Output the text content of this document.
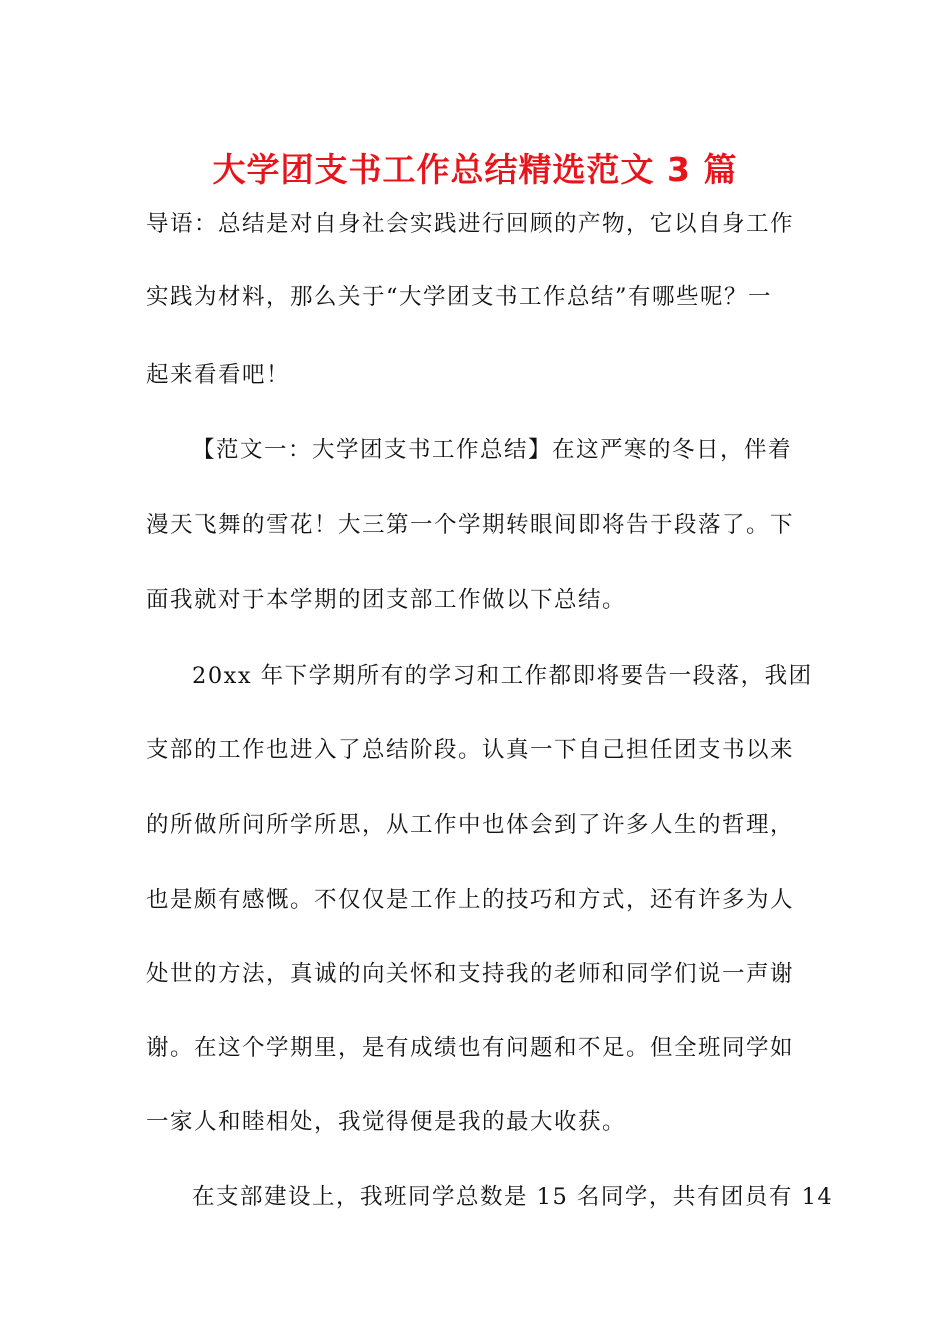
大学团支书工作总结精选范文 3 篇
导语：总结是对自身社会实践进行回顾的产物，它以自身工作
实践为材料，那么关于“大学团支书工作总结”有哪些呢？一
起来看看吧！
【范文一：大学团支书工作总结】在这严寒的冬日，伴着
漫天飞舞的雪花！大三第一个学期转眼间即将告于段落了。下
面我就对于本学期的团支部工作做以下总结。
20xx 年下学期所有的学习和工作都即将要告一段落，我团
支部的工作也进入了总结阶段。认真一下自己担任团支书以来
的所做所问所学所思，从工作中也体会到了许多人生的哲理，
也是颇有感慨。不仅仅是工作上的技巧和方式，还有许多为人
处世的方法，真诚的向关怀和支持我的老师和同学们说一声谢
谢。在这个学期里，是有成绩也有问题和不足。但全班同学如
一家人和睦相处，我觉得便是我的最大收获。
在支部建设上，我班同学总数是 15 名同学，共有团员有 14
